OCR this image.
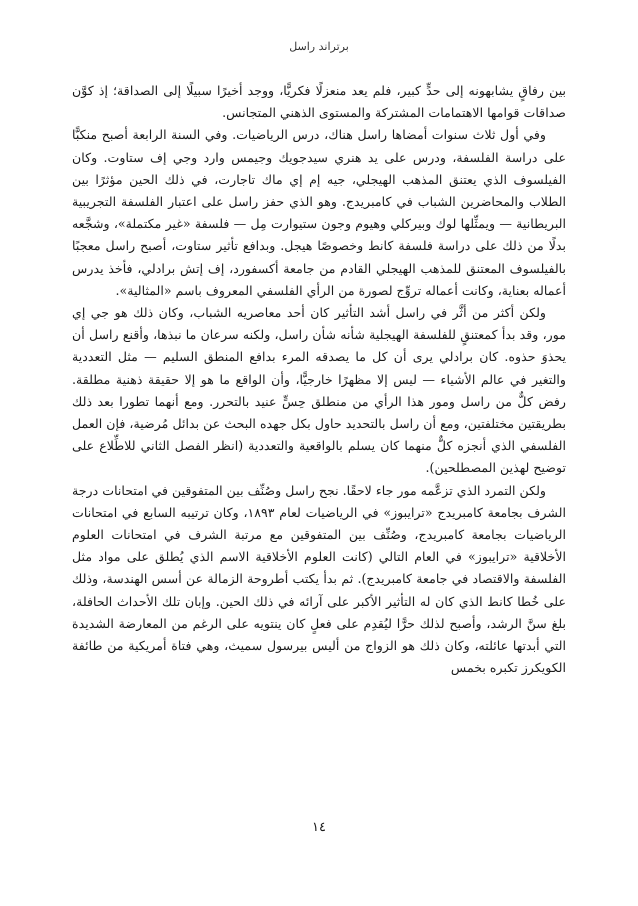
برتراند راسل

بين رفاقٍ يشابهونه إلى حدٍّ كبير، فلم يعد منعزلًا فكريًّا، ووجد أخيرًا سبيلًا إلى الصداقة؛ إذ كوَّن صداقات قوامها الاهتمامات المشتركة والمستوى الذهني المتجانس.

وفي أول ثلاث سنوات أمضاها راسل هناك، درس الرياضيات. وفي السنة الرابعة أصبح منكبًّا على دراسة الفلسفة، ودرس على يد هنري سيدجويك وجيمس وارد وجي إف ستاوت. وكان الفيلسوف الذي يعتنق المذهب الهيجلي، جيه إم إي ماك تاجارت، في ذلك الحين مؤثرًا بين الطلاب والمحاضرين الشباب في كامبريدج. وهو الذي حفز راسل على اعتبار الفلسفة التجريبية البريطانية — ويمثِّلها لوك وبيركلي وهيوم وجون ستيوارت مِل — فلسفة «غير مكتملة»، وشجَّعه بدلًا من ذلك على دراسة فلسفة كانط وخصوصًا هيجل. وبدافع تأثير ستاوت، أصبح راسل معجبًا بالفيلسوف المعتنق للمذهب الهيجلي القادم من جامعة أكسفورد، إف إتش برادلي، فأخذ يدرس أعماله بعناية، وكانت أعماله تروِّج لصورة من الرأي الفلسفي المعروف باسم «المثالية».

ولكن أكثر من أثَّر في راسل أشد التأثير كان أحد معاصريه الشباب، وكان ذلك هو جي إي مور، وقد بدأ كمعتنقٍ للفلسفة الهيجلية شأنه شأن راسل، ولكنه سرعان ما نبذها، وأقنع راسل أن يحذوَ حذوه. كان برادلي يرى أن كل ما يصدقه المرء بدافع المنطق السليم — مثل التعددية والتغير في عالم الأشياء — ليس إلا مظهرًا خارجيًّا، وأن الواقع ما هو إلا حقيقة ذهنية مطلقة. رفض كلٌّ من راسل ومور هذا الرأي من منطلق حِسٍّ عنيد بالتحرر. ومع أنهما تطورا بعد ذلك بطريقتين مختلفتين، ومع أن راسل بالتحديد حاول بكل جهده البحث عن بدائل مُرضية، فإن العمل الفلسفي الذي أنجزه كلٌّ منهما كان يسلم بالواقعية والتعددية (انظر الفصل الثاني للاطِّلاع على توضيح لهذين المصطلحين).

ولكن التمرد الذي تزعَّمه مور جاء لاحقًا. نجح راسل وصُنِّف بين المتفوقين في امتحانات درجة الشرف بجامعة كامبريدج «ترايبوز» في الرياضيات لعام ١٨٩٣، وكان ترتيبه السابع في امتحانات الرياضيات بجامعة كامبريدج، وصُنِّف بين المتفوقين مع مرتبة الشرف في امتحانات العلوم الأخلاقية «ترايبوز» في العام التالي (كانت العلوم الأخلاقية الاسم الذي يُطلق على مواد مثل الفلسفة والاقتصاد في جامعة كامبريدج). ثم بدأ يكتب أطروحة الزمالة عن أسس الهندسة، وذلك على خُطا كانط الذي كان له التأثير الأكبر على آرائه في ذلك الحين. وإبان تلك الأحداث الحافلة، بلغ سنَّ الرشد، وأصبح لذلك حرًّا ليُقدِم على فعلٍ كان ينتويه على الرغم من المعارضة الشديدة التي أبدتها عائلته، وكان ذلك هو الزواج من أليس بيرسول سميث، وهي فتاة أمريكية من طائفة الكويكرز تكبره بخمس

١٤
